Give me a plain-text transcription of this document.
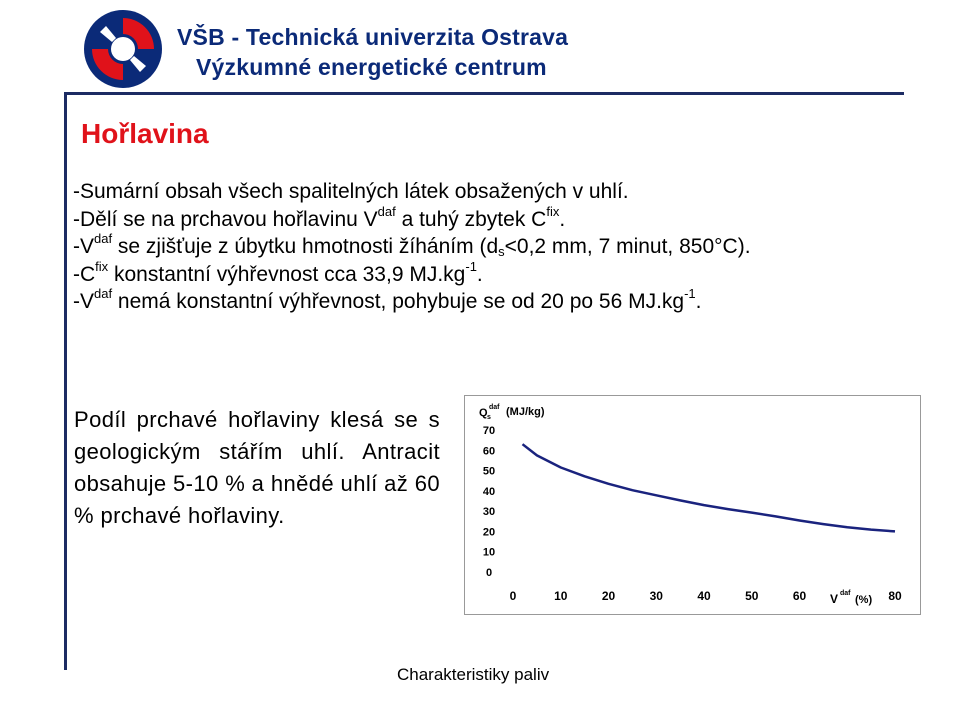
VŠB - Technická univerzita Ostrava
Výzkumné energetické centrum
Hořlavina
-Sumární obsah všech spalitelných látek obsažených v uhlí.
-Dělí se na prchavou hořlavinu $V^{daf}$ a tuhý zbytek $C^{fix}$.
$-V^{daf}$ se zjišťuje z úbytku hmotnosti žíháním ($d_s<0,2$ mm, 7 minut, 850°C).
$-C^{fix}$ konstantní výhřevnost cca 33,9 $MJ.kg^{-1}$.
$-V^{daf}$ nemá konstantní výhřevnost, pohybuje se od 20 po 56 $MJ.kg^{-1}$.
Podíl prchavé hořlaviny klesá se s geologickým stářím uhlí. Antracit obsahuje 5-10 % a hnědé uhlí až 60 % prchavé hořlaviny.
70
60
50
40
30
20
10
0
0	10	20	30	40	50	60	80
Q s
daf (MJ/kg)
V daf
(%)
Charakteristiky paliv
